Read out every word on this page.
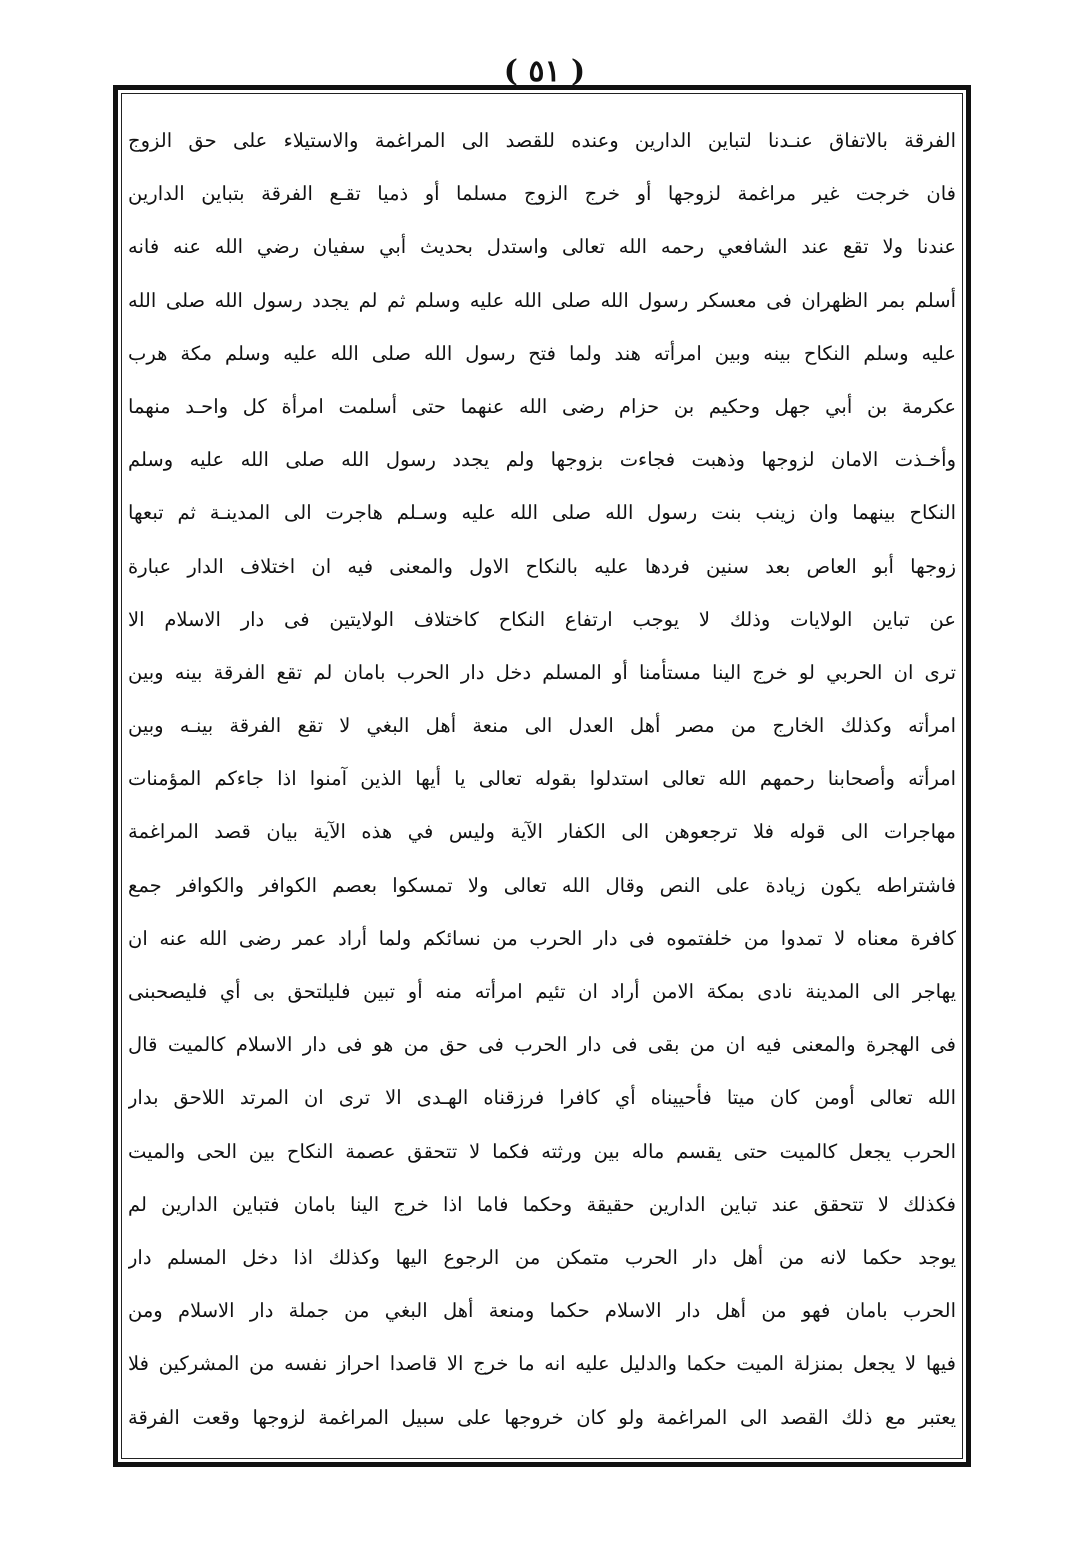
( ٥١ )
الفرقة بالاتفاق عنـدنا لتباين الدارين وعنده للقصد الى المراغمة والاستيلاء على حق الزوج
فان خرجت غير مراغمة لزوجها أو خرج الزوج مسلما أو ذميا تقـع الفرقة بتباين الدارين
عندنا ولا تقع عند الشافعي رحمه الله تعالى واستدل بحديث أبي سفيان رضي الله عنه فانه
أسلم بمر الظهران فى معسكر رسول الله صلى الله عليه وسلم ثم لم يجدد رسول الله صلى الله
عليه وسلم النكاح بينه وبين امرأته هند ولما فتح رسول الله صلى الله عليه وسلم مكة هرب
عكرمة بن أبي جهل وحكيم بن حزام رضى الله عنهما حتى أسلمت امرأة كل واحـد منهما
وأخـذت الامان لزوجها وذهبت فجاءت بزوجها ولم يجدد رسول الله صلى الله عليه وسلم
النكاح بينهما وان زينب بنت رسول الله صلى الله عليه وسـلم هاجرت الى المدينـة ثم تبعها
زوجها أبو العاص بعد سنين فردها عليه بالنكاح الاول والمعنى فيه ان اختلاف الدار عبارة
عن تباين الولايات وذلك لا يوجب ارتفاع النكاح كاختلاف الولايتين فى دار الاسلام الا
ترى ان الحربي لو خرج الينا مستأمنا أو المسلم دخل دار الحرب بامان لم تقع الفرقة بينه وبين
امرأته وكذلك الخارج من مصر أهل العدل الى منعة أهل البغي لا تقع الفرقة بينـه وبين
امرأته وأصحابنا رحمهم الله تعالى استدلوا بقوله تعالى يا أيها الذين آمنوا اذا جاءكم المؤمنات
مهاجرات الى قوله فلا ترجعوهن الى الكفار الآية وليس في هذه الآية بيان قصد المراغمة
فاشتراطه يكون زيادة على النص وقال الله تعالى ولا تمسكوا بعصم الكوافر والكوافر جمع
كافرة معناه لا تمدوا من خلفتموه فى دار الحرب من نسائكم ولما أراد عمر رضى الله عنه ان
يهاجر الى المدينة نادى بمكة الامن أراد ان تئيم امرأته منه أو تبين فليلتحق بى أي فليصحبنى
فى الهجرة والمعنى فيه ان من بقى فى دار الحرب فى حق من هو فى دار الاسلام كالميت قال
الله تعالى أومن كان ميتا فأحييناه أي كافرا فرزقناه الهـدى الا ترى ان المرتد اللاحق بدار
الحرب يجعل كالميت حتى يقسم ماله بين ورثته فكما لا تتحقق عصمة النكاح بين الحى والميت
فكذلك لا تتحقق عند تباين الدارين حقيقة وحكما فاما اذا خرج الينا بامان فتباين الدارين لم
يوجد حكما لانه من أهل دار الحرب متمكن من الرجوع اليها وكذلك اذا دخل المسلم دار
الحرب بامان فهو من أهل دار الاسلام حكما ومنعة أهل البغي من جملة دار الاسلام ومن
فيها لا يجعل بمنزلة الميت حكما والدليل عليه انه ما خرج الا قاصدا احراز نفسه من المشركين فلا
يعتبر مع ذلك القصد الى المراغمة ولو كان خروجها على سبيل المراغمة لزوجها وقعت الفرقة
